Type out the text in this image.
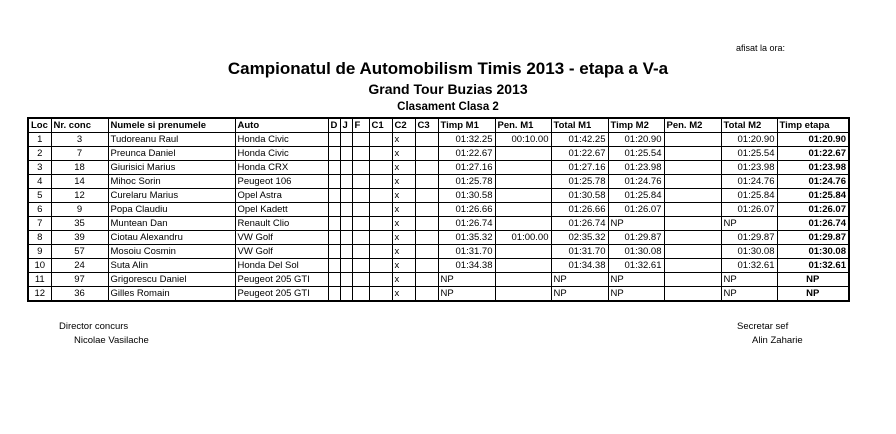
afisat la ora:
Campionatul de Automobilism Timis 2013 - etapa a V-a
Grand Tour Buzias 2013
Clasament Clasa 2
Loc	Nr. conc	Numele si prenumele	Auto	D	J	F	C1	C2	C3	Timp M1	Pen. M1	Total M1	Timp M2	Pen. M2	Total M2	Timp etapa
1	3	Tudoreanu Raul	Honda Civic					x		01:32.25	00:10.00	01:42.25	01:20.90		01:20.90	01:20.90
2	7	Preunca Daniel	Honda Civic					x		01:22.67		01:22.67	01:25.54		01:25.54	01:22.67
3	18	Giurisici Marius	Honda CRX					x		01:27.16		01:27.16	01:23.98		01:23.98	01:23.98
4	14	Mihoc Sorin	Peugeot 106					x		01:25.78		01:25.78	01:24.76		01:24.76	01:24.76
5	12	Curelaru Marius	Opel Astra					x		01:30.58		01:30.58	01:25.84		01:25.84	01:25.84
6	9	Popa Claudiu	Opel Kadett					x		01:26.66		01:26.66	01:26.07		01:26.07	01:26.07
7	35	Muntean Dan	Renault Clio					x		01:26.74		01:26.74	NP		NP	01:26.74
8	39	Ciotau Alexandru	VW Golf					x		01:35.32	01:00.00	02:35.32	01:29.87		01:29.87	01:29.87
9	57	Mosoiu Cosmin	VW Golf					x		01:31.70		01:31.70	01:30.08		01:30.08	01:30.08
10	24	Suta Alin	Honda Del Sol					x		01:34.38		01:34.38	01:32.61		01:32.61	01:32.61
11	97	Grigorescu Daniel	Peugeot 205 GTI					x		NP		NP	NP		NP	NP
12	36	Gilles Romain	Peugeot 205 GTI					x		NP		NP	NP		NP	NP
Director concurs
Nicolae Vasilache
Secretar sef
Alin Zaharie
